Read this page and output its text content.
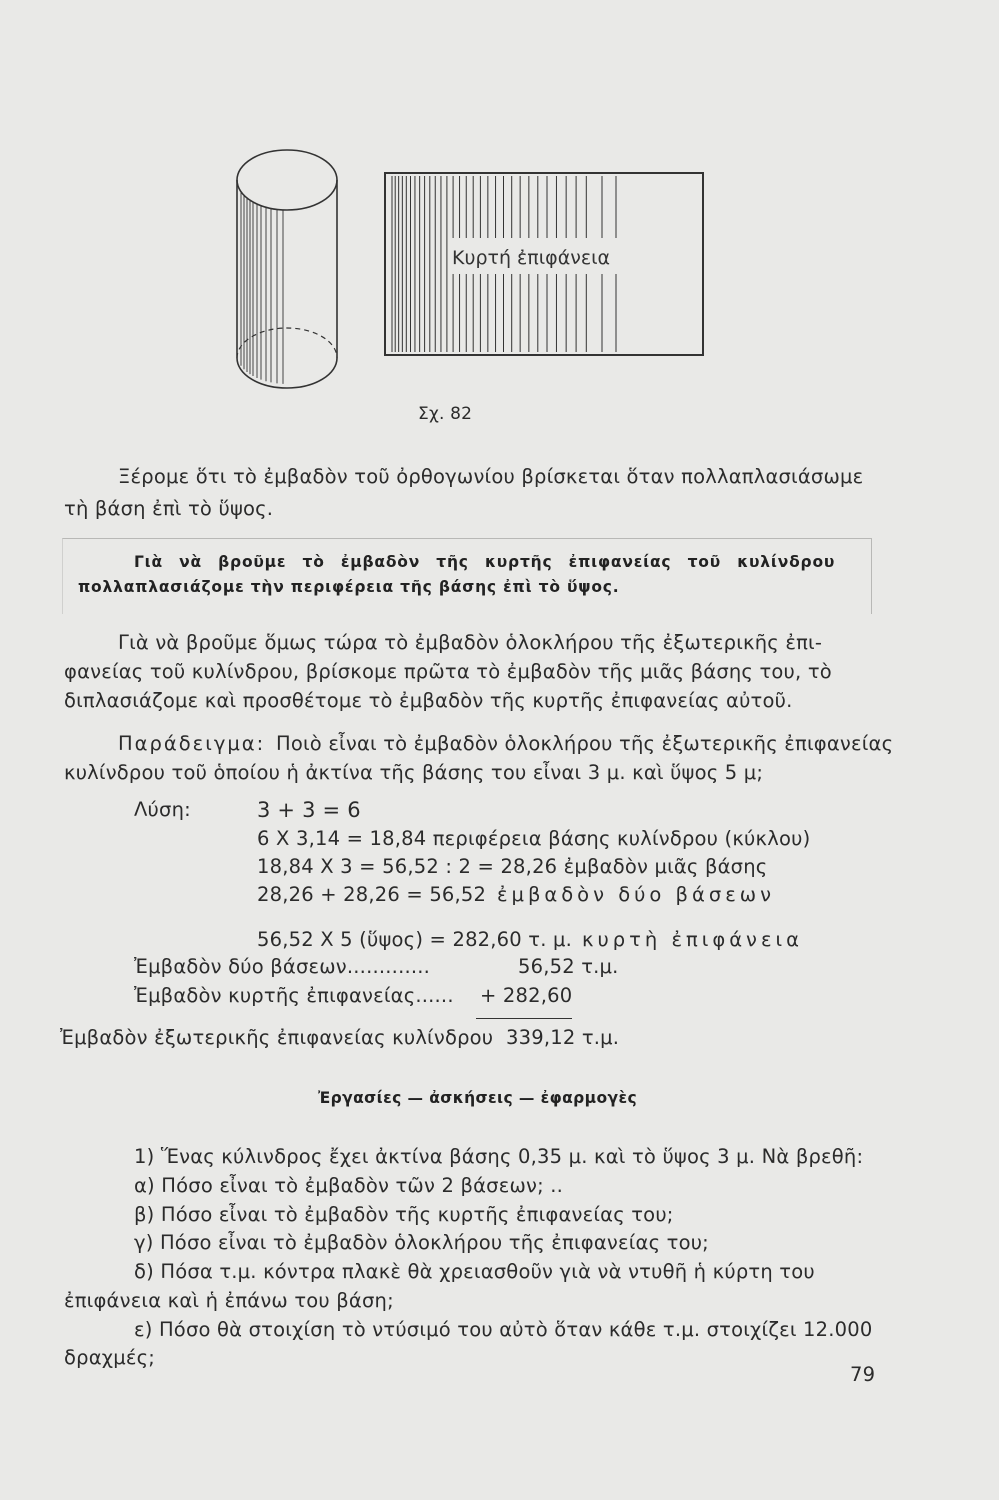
Κυρτή ἐπιφάνεια
Σχ. 82
Ξέρομε ὅτι τὸ ἐμβαδὸν τοῦ ὀρθογωνίου βρίσκεται ὅταν πολλαπλασιάσωμε
τὴ βάση ἐπὶ τὸ ὕψος.
Γιὰ νὰ βροῦμε τὸ ἐμβαδὸν τῆς κυρτῆς ἐπιφανείας τοῦ κυλίνδρου
πολλαπλασιάζομε τὴν περιφέρεια τῆς βάσης ἐπὶ τὸ ὕψος.
Γιὰ νὰ βροῦμε ὅμως τώρα τὸ ἐμβαδὸν ὁλοκλήρου τῆς ἐξωτερικῆς ἐπι-
φανείας τοῦ κυλίνδρου, βρίσκομε πρῶτα τὸ ἐμβαδὸν τῆς μιᾶς βάσης του, τὸ
διπλασιάζομε καὶ προσθέτομε τὸ ἐμβαδὸν τῆς κυρτῆς ἐπιφανείας αὐτοῦ.
Παράδειγμα: Ποιὸ εἶναι τὸ ἐμβαδὸν ὁλοκλήρου τῆς ἐξωτερικῆς ἐπιφανείας
κυλίνδρου τοῦ ὁποίου ἡ ἀκτίνα τῆς βάσης του εἶναι 3 μ. καὶ ὕψος 5 μ;
Λύση:	3 + 3 = 6
6 Χ 3,14 = 18,84 περιφέρεια βάσης κυλίνδρου (κύκλου)
18,84 Χ 3 = 56,52 : 2 = 28,26 ἐμβαδὸν μιᾶς βάσης
28,26 + 28,26 = 56,52 ἐμβαδὸν δύο βάσεων
56,52 Χ 5 (ὕψος) = 282,60 τ. μ. κυρτὴ ἐπιφάνεια
Ἐμβαδὸν δύο βάσεων.............	56,52 τ.μ.
Ἐμβαδὸν κυρτῆς ἐπιφανείας...... + 282,60
Ἐμβαδὸν ἐξωτερικῆς ἐπιφανείας κυλίνδρου 339,12 τ.μ.
Ἐργασίες — ἀσκήσεις — ἐφαρμογὲς
1) Ἕνας κύλινδρος ἔχει ἀκτίνα βάσης 0,35 μ. καὶ τὸ ὕψος 3 μ. Νὰ βρεθῆ:
α) Πόσο εἶναι τὸ ἐμβαδὸν τῶν 2 βάσεων; ..
β) Πόσο εἶναι τὸ ἐμβαδὸν τῆς κυρτῆς ἐπιφανείας του;
γ) Πόσο εἶναι τὸ ἐμβαδὸν ὁλοκλήρου τῆς ἐπιφανείας του;
δ) Πόσα τ.μ. κόντρα πλακὲ θὰ χρειασθοῦν γιὰ νὰ ντυθῆ ἡ κύρτη του
ἐπιφάνεια καὶ ἡ ἐπάνω του βάση;
ε) Πόσο θὰ στοιχίση τὸ ντύσιμό του αὐτὸ ὅταν κάθε τ.μ. στοιχίζει 12.000
δραχμές;
79
